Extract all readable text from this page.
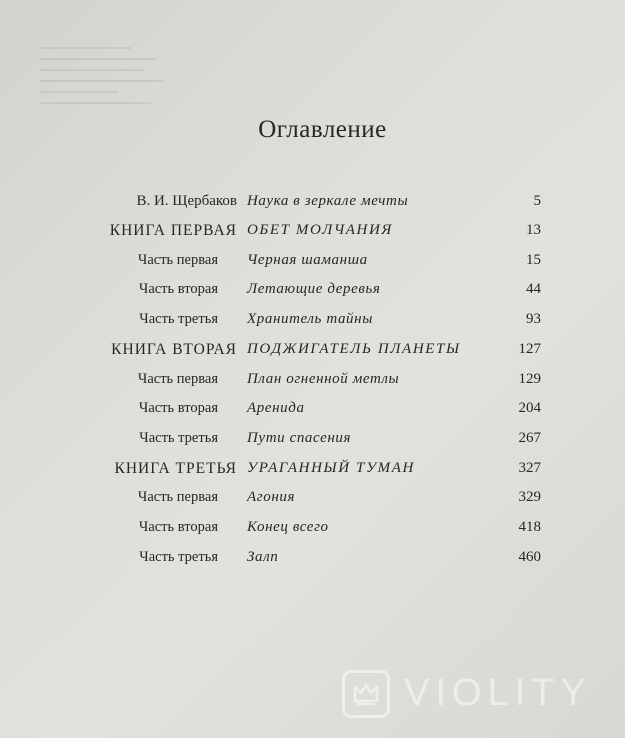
Оглавление
В. И. Щербаков Наука в зеркале мечты	5
КНИГА ПЕРВАЯ ОБЕТ МОЛЧАНИЯ	13
Часть первая Черная шаманша	15
Часть вторая Летающие деревья	44
Часть третья Хранитель тайны	93
КНИГА ВТОРАЯ ПОДЖИГАТЕЛЬ ПЛАНЕТЫ	127
Часть первая План огненной метлы	129
Часть вторая Аренида	204
Часть третья Пути спасения	267
КНИГА ТРЕТЬЯ УРАГАННЫЙ ТУМАН	327
Часть первая Агония	329
Часть вторая Конец всего	418
Часть третья Залп	460
VIOLITY
